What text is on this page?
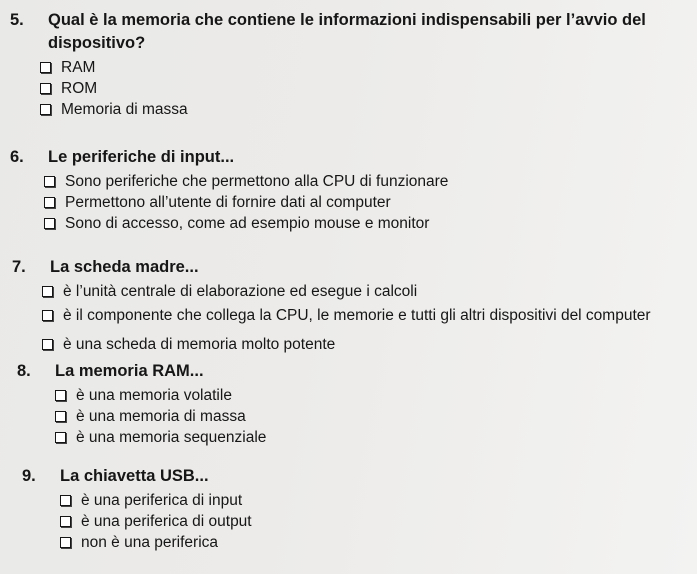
5.	Qual è la memoria che contiene le informazioni indispensabili per l’avvio del
dispositivo?
RAM
ROM
Memoria di massa
6.	Le periferiche di input...
Sono periferiche che permettono alla CPU di funzionare
Permettono all’utente di fornire dati al computer
Sono di accesso, come ad esempio mouse e monitor
7.	La scheda madre...
è l’unità centrale di elaborazione ed esegue i calcoli
è il componente che collega la CPU, le memorie e tutti gli altri dispositivi del computer
è una scheda di memoria molto potente
8.	La memoria RAM...
è una memoria volatile
è una memoria di massa
è una memoria sequenziale
9.	La chiavetta USB...
è una periferica di input
è una periferica di output
non è una periferica
